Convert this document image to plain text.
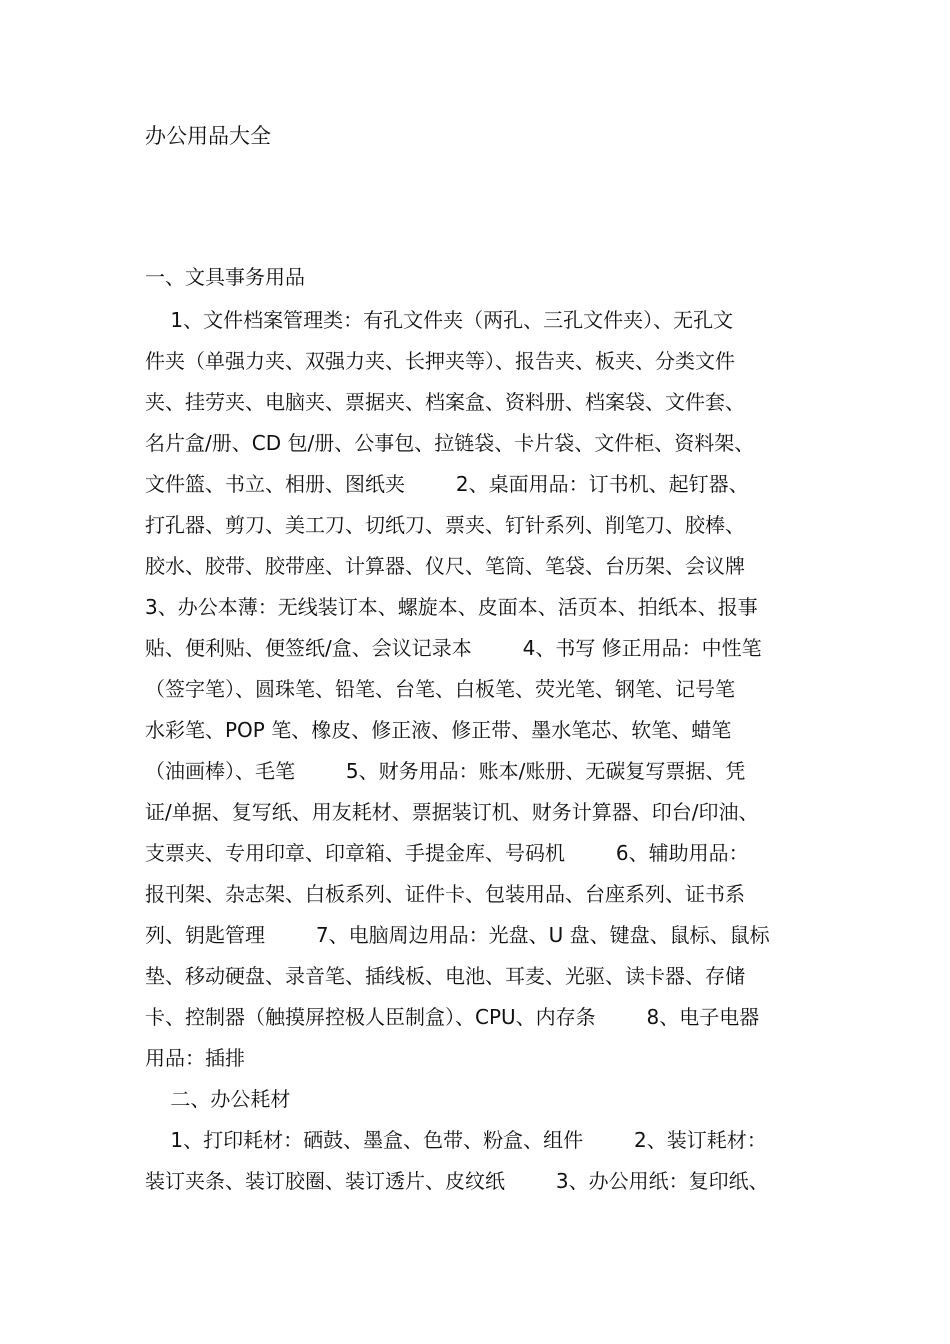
办公用品大全
一、文具事务用品
1、文件档案管理类：有孔文件夹（两孔、三孔文件夹）、无孔文
件夹（单强力夹、双强力夹、长押夹等）、报告夹、板夹、分类文件
夹、挂劳夹、电脑夹、票据夹、档案盒、资料册、档案袋、文件套、
名片盒/册、CD 包/册、公事包、拉链袋、卡片袋、文件柜、资料架、
文件篮、书立、相册、图纸夹        2、桌面用品：订书机、起钉器、
打孔器、剪刀、美工刀、切纸刀、票夹、钉针系列、削笔刀、胶棒、
胶水、胶带、胶带座、计算器、仪尺、笔筒、笔袋、台历架、会议牌
3、办公本薄：无线装订本、螺旋本、皮面本、活页本、拍纸本、报事
贴、便利贴、便签纸/盒、会议记录本        4、书写 修正用品：中性笔
（签字笔）、圆珠笔、铅笔、台笔、白板笔、荧光笔、钢笔、记号笔
水彩笔、POP 笔、橡皮、修正液、修正带、墨水笔芯、软笔、蜡笔
（油画棒）、毛笔        5、财务用品：账本/账册、无碳复写票据、凭
证/单据、复写纸、用友耗材、票据装订机、财务计算器、印台/印油、
支票夹、专用印章、印章箱、手提金库、号码机        6、辅助用品：
报刊架、杂志架、白板系列、证件卡、包装用品、台座系列、证书系
列、钥匙管理        7、电脑周边用品：光盘、U 盘、键盘、鼠标、鼠标
垫、移动硬盘、录音笔、插线板、电池、耳麦、光驱、读卡器、存储
卡、控制器（触摸屏控极人臣制盒）、CPU、内存条        8、电子电器
用品：插排
二、办公耗材
1、打印耗材：硒鼓、墨盒、色带、粉盒、组件        2、装订耗材：
装订夹条、装订胶圈、装订透片、皮纹纸        3、办公用纸：复印纸、
